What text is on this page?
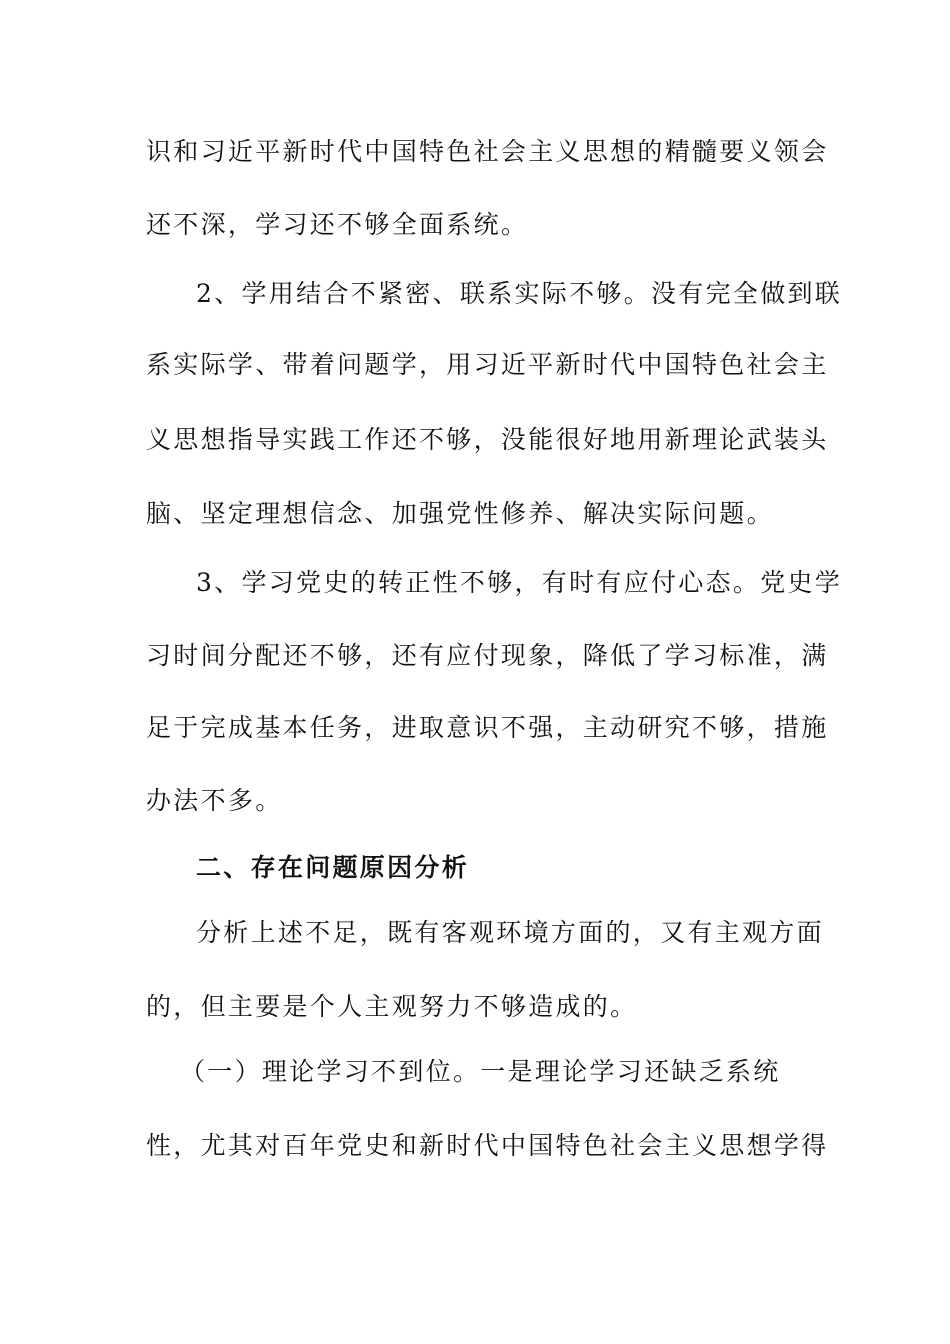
识和习近平新时代中国特色社会主义思想的精髓要义领会
还不深，学习还不够全面系统。
2、学用结合不紧密、联系实际不够。没有完全做到联
系实际学、带着问题学，用习近平新时代中国特色社会主
义思想指导实践工作还不够，没能很好地用新理论武装头
脑、坚定理想信念、加强党性修养、解决实际问题。
3、学习党史的转正性不够，有时有应付心态。党史学
习时间分配还不够，还有应付现象，降低了学习标准，满
足于完成基本任务，进取意识不强，主动研究不够，措施
办法不多。
二、存在问题原因分析
分析上述不足，既有客观环境方面的，又有主观方面
的，但主要是个人主观努力不够造成的。
（一）理论学习不到位。一是理论学习还缺乏系统
性，尤其对百年党史和新时代中国特色社会主义思想学得
